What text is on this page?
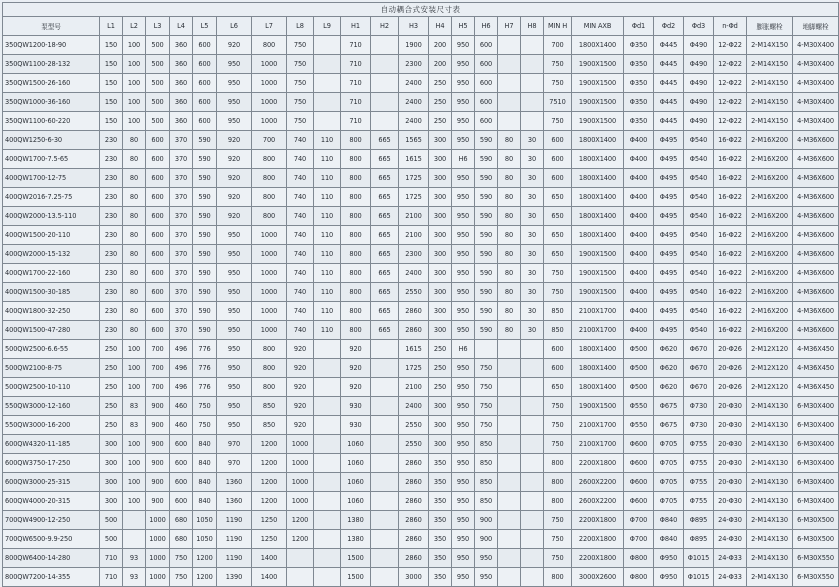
自动耦合式安装尺寸表																									
泵型号	L1	L2	L3	L4	L5	L6	L7	L8	L9	H1	H2	H3	H4	H5	H6	H7	H8	MIN H	MIN AXB	Φd1	Φd2	Φd3	n-Φd	膨胀螺栓	地脚螺栓
350QW1200-18-90	150	100	500	360	600	920	800	750		710		1900	200	950	600			700	1800X1400	Φ350	Φ445	Φ490	12-Φ22	2-M14X150	4-M30X400
350QW1100-28-132	150	100	500	360	600	950	1000	750		710		2300	200	950	600			750	1900X1500	Φ350	Φ445	Φ490	12-Φ22	2-M14X150	4-M30X400
350QW1500-26-160	150	100	500	360	600	950	1000	750		710		2400	250	950	600			750	1900X1500	Φ350	Φ445	Φ490	12-Φ22	2-M14X150	4-M30X400
350QW1000-36-160	150	100	500	360	600	950	1000	750		710		2400	250	950	600			7510	1900X1500	Φ350	Φ445	Φ490	12-Φ22	2-M14X150	4-M30X400
350QW1100-60-220	150	100	500	360	600	950	1000	750		710		2400	250	950	600			750	1900X1500	Φ350	Φ445	Φ490	12-Φ22	2-M14X150	4-M30X400
400QW1250-6-30	230	80	600	370	590	920	700	740	110	800	665	1565	300	950	590	80	30	600	1800X1400	Φ400	Φ495	Φ540	16-Φ22	2-M16X200	4-M36X600
400QW1700-7.5-65	230	80	600	370	590	920	800	740	110	800	665	1615	300	H6	590	80	30	600	1800X1400	Φ400	Φ495	Φ540	16-Φ22	2-M16X200	4-M36X600
400QW1700-12-75	230	80	600	370	590	920	800	740	110	800	665	1725	300	950	590	80	30	600	1800X1400	Φ400	Φ495	Φ540	16-Φ22	2-M16X200	4-M36X600
400QW2016-7.25-75	230	80	600	370	590	920	800	740	110	800	665	1725	300	950	590	80	30	650	1800X1400	Φ400	Φ495	Φ540	16-Φ22	2-M16X200	4-M36X600
400QW2000-13.5-110	230	80	600	370	590	920	800	740	110	800	665	2100	300	950	590	80	30	650	1800X1400	Φ400	Φ495	Φ540	16-Φ22	2-M16X200	4-M36X600
400QW1500-20-110	230	80	600	370	590	950	1000	740	110	800	665	2100	300	950	590	80	30	650	1800X1400	Φ400	Φ495	Φ540	16-Φ22	2-M16X200	4-M36X600
400QW2000-15-132	230	80	600	370	590	950	1000	740	110	800	665	2300	300	950	590	80	30	650	1900X1500	Φ400	Φ495	Φ540	16-Φ22	2-M16X200	4-M36X600
400QW1700-22-160	230	80	600	370	590	950	1000	740	110	800	665	2400	300	950	590	80	30	750	1900X1500	Φ400	Φ495	Φ540	16-Φ22	2-M16X200	4-M36X600
400QW1500-30-185	230	80	600	370	590	950	1000	740	110	800	665	2550	300	950	590	80	30	750	1900X1500	Φ400	Φ495	Φ540	16-Φ22	2-M16X200	4-M36X600
400QW1800-32-250	230	80	600	370	590	950	1000	740	110	800	665	2860	300	950	590	80	30	850	2100X1700	Φ400	Φ495	Φ540	16-Φ22	2-M16X200	4-M36X600
400QW1500-47-280	230	80	600	370	590	950	1000	740	110	800	665	2860	300	950	590	80	30	850	2100X1700	Φ400	Φ495	Φ540	16-Φ22	2-M16X200	4-M36X600
500QW2500-6.6-55	250	100	700	496	776	950	800	920		920		1615	250	H6				600	1800X1400	Φ500	Φ620	Φ670	20-Φ26	2-M12X120	4-M36X450
500QW2100-8-75	250	100	700	496	776	950	800	920		920		1725	250	950	750			600	1800X1400	Φ500	Φ620	Φ670	20-Φ26	2-M12X120	4-M36X450
500QW2500-10-110	250	100	700	496	776	950	800	920		920		2100	250	950	750			650	1800X1400	Φ500	Φ620	Φ670	20-Φ26	2-M12X120	4-M36X450
550QW3000-12-160	250	83	900	460	750	950	850	920		930		2400	300	950	750			750	1900X1500	Φ550	Φ675	Φ730	20-Φ30	2-M14X130	6-M30X400
550QW3000-16-200	250	83	900	460	750	950	850	920		930		2550	300	950	750			750	2100X1700	Φ550	Φ675	Φ730	20-Φ30	2-M14X130	6-M30X400
600QW4320-11-185	300	100	900	600	840	970	1200	1000		1060		2550	300	950	850			750	2100X1700	Φ600	Φ705	Φ755	20-Φ30	2-M14X130	6-M30X400
600QW3750-17-250	300	100	900	600	840	970	1200	1000		1060		2860	350	950	850			800	2200X1800	Φ600	Φ705	Φ755	20-Φ30	2-M14X130	6-M30X400
600QW3000-25-315	300	100	900	600	840	1360	1200	1000		1060		2860	350	950	850			800	2600X2200	Φ600	Φ705	Φ755	20-Φ30	2-M14X130	6-M30X400
600QW4000-20-315	300	100	900	600	840	1360	1200	1000		1060		2860	350	950	850			800	2600X2200	Φ600	Φ705	Φ755	20-Φ30	2-M14X130	6-M30X400
700QW4900-12-250	500		1000	680	1050	1190	1250	1200		1380		2860	350	950	900			750	2200X1800	Φ700	Φ840	Φ895	24-Φ30	2-M14X130	6-M30X500
700QW6500-9.9-250	500		1000	680	1050	1190	1250	1200		1380		2860	350	950	900			750	2200X1800	Φ700	Φ840	Φ895	24-Φ30	2-M14X130	6-M30X500
800QW6400-14-280	710	93	1000	750	1200	1190	1400			1500		2860	350	950	950			750	2200X1800	Φ800	Φ950	Φ1015	24-Φ33	2-M14X130	6-M30X550
800QW7200-14-355	710	93	1000	750	1200	1390	1400			1500		3000	350	950	950			800	3000X2600	Φ800	Φ950	Φ1015	24-Φ33	2-M14X130	6-M30X550
